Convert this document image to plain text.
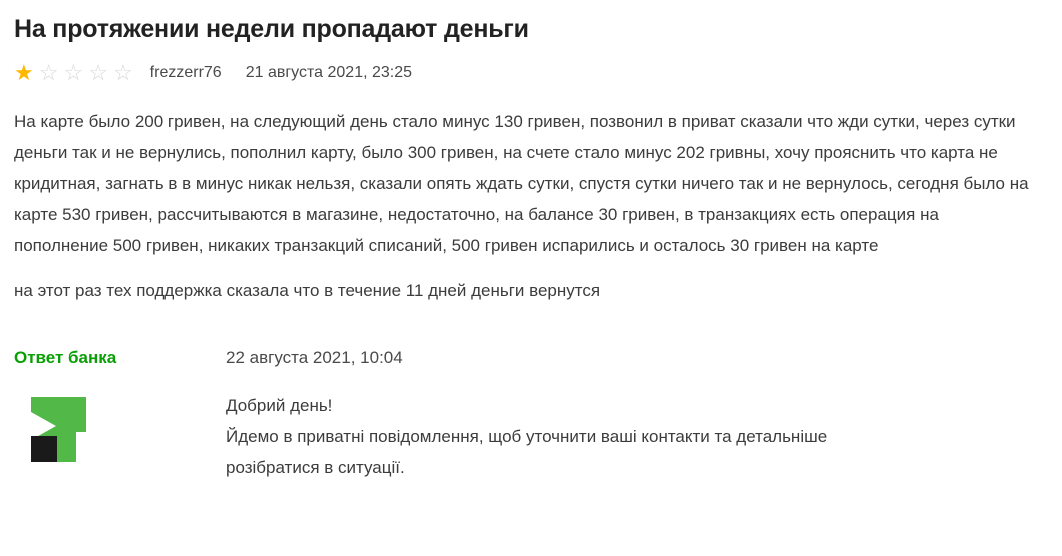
На протяжении недели пропадают деньги
★ ☆ ☆ ☆ ☆ frezzerr76 21 августа 2021, 23:25

На карте было 200 гривен, на следующий день стало минус 130 гривен, позвонил в приват сказали что жди сутки, через сутки деньги так и не вернулись, пополнил карту, было 300 гривен, на счете стало минус 202 гривны, хочу прояснить что карта не кридитная, загнать в в минус никак нельзя, сказали опять ждать сутки, спустя сутки ничего так и не вернулось, сегодня было на карте 530 гривен, рассчитываются в магазине, недостаточно, на балансе 30 гривен, в транзакциях есть операция на пополнение 500 гривен, никаких транзакций списаний, 500 гривен испарились и осталось 30 гривен на карте

на этот раз тех поддержка сказала что в течение 11 дней деньги вернутся

Ответ банка	22 августа 2021, 10:04

Добрий день!

Йдемо в приватні повідомлення, щоб уточнити ваші контакти та детальніше

розібратися в ситуації.
